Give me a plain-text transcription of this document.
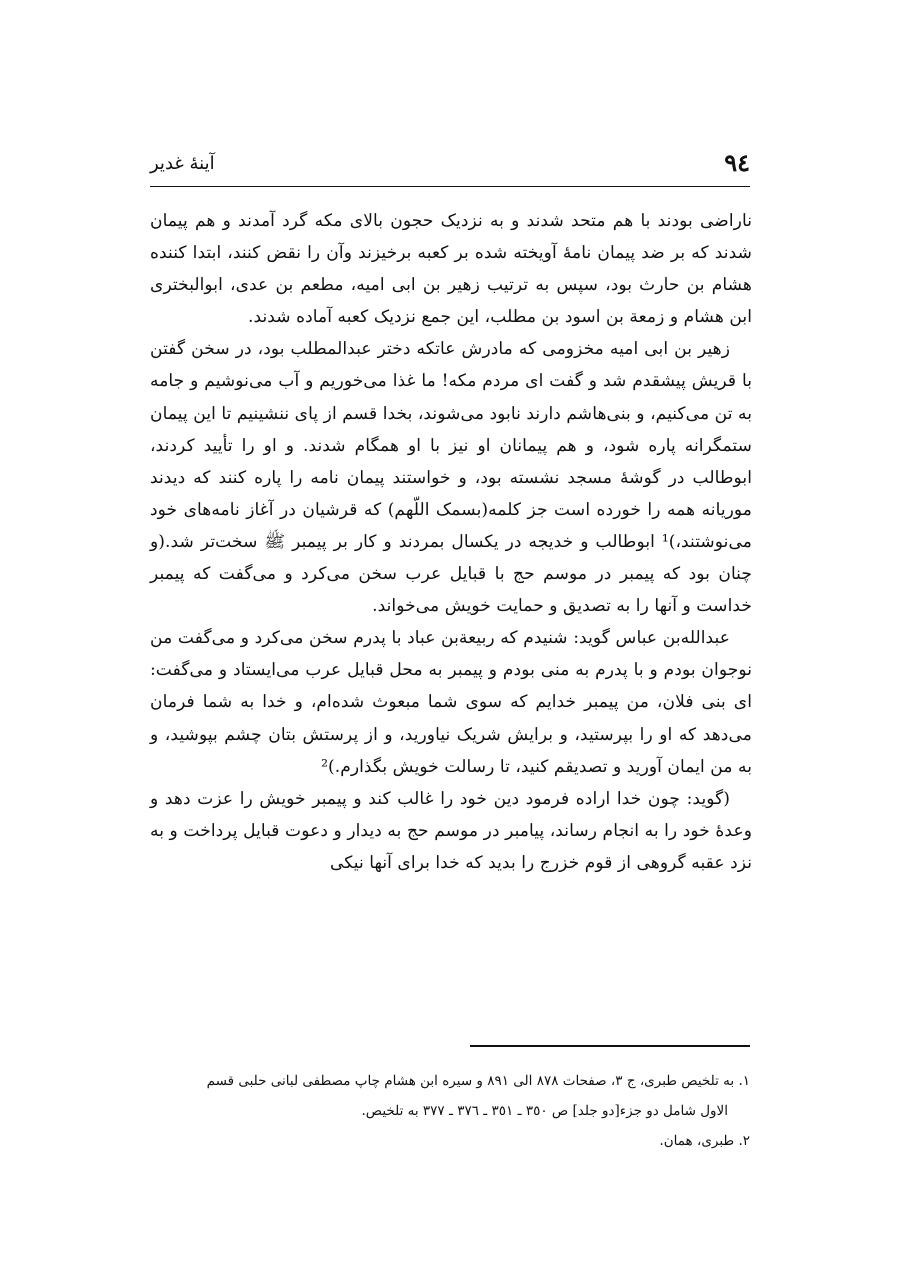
٩٤
آینهٔ غدیر

ناراضی بودند با هم متحد شدند و به نزدیک حجون بالای مکه گرد آمدند و هم پیمان شدند که بر ضد پیمان نامهٔ آویخته شده بر کعبه برخیزند وآن را نقض کنند، ابتدا کننده هشام بن حارث بود، سپس به ترتیب زهیر بن ابی امیه، مطعم بن عدی، ابوالبختری ابن هشام و زمعة بن اسود بن مطلب، این جمع نزدیک کعبه آماده شدند.

زهیر بن ابی امیه مخزومی که مادرش عاتکه دختر عبدالمطلب بود، در سخن گفتن با قریش پیشقدم شد و گفت ای مردم مکه! ما غذا می‌خوریم و آب می‌نوشیم و جامه به تن می‌کنیم، و بنی‌هاشم دارند نابود می‌شوند، بخدا قسم از پای ننشینیم تا این پیمان ستمگرانه پاره شود، و هم پیمانان او نیز با او همگام شدند. و او را تأیید کردند، ابوطالب در گوشهٔ مسجد نشسته بود، و خواستند پیمان نامه را پاره کنند که دیدند موریانه همه را خورده است جز کلمه(بسمک اللّهم) که قرشیان در آغاز نامه‌های خود می‌نوشتند،)¹ ابوطالب و خدیجه در یکسال بمردند و کار بر پیمبر ﷺ سخت‌تر شد.(و چنان بود که پیمبر در موسم حج با قبایل عرب سخن می‌کرد و می‌گفت که پیمبر خداست و آنها را به تصدیق و حمایت خویش می‌خواند.

عبدالله‌بن عباس گوید: شنیدم که ربیعةبن عباد با پدرم سخن می‌کرد و می‌گفت من نوجوان بودم و با پدرم به منی بودم و پیمبر به محل قبایل عرب می‌ایستاد و می‌گفت: ای بنی فلان، من پیمبر خدایم که سوی شما مبعوث شده‌ام، و خدا به شما فرمان می‌دهد که او را بپرستید، و برایش شریک نیاورید، و از پرستش بتان چشم بپوشید، و به من ایمان آورید و تصدیقم کنید، تا رسالت خویش بگذارم.)²

(گوید: چون خدا اراده فرمود دین خود را غالب کند و پیمبر خویش را عزت دهد و وعدهٔ خود را به انجام رساند، پیامبر در موسم حج به دیدار و دعوت قبایل پرداخت و به نزد عقبه گروهی از قوم خزرج را بدید که خدا برای آنها نیکی

١. به تلخیص طبری، ج ٣، صفحات ٨٧٨ الی ٨٩١ و سیره ابن هشام چاپ مصطفی لبانی حلبی قسم

الاول شامل دو جزء[دو جلد] ص ٣٥٠ ـ ٣٥١ ـ ٣٧٦ ـ ٣٧٧ به تلخیص.

٢. طبری، همان.
